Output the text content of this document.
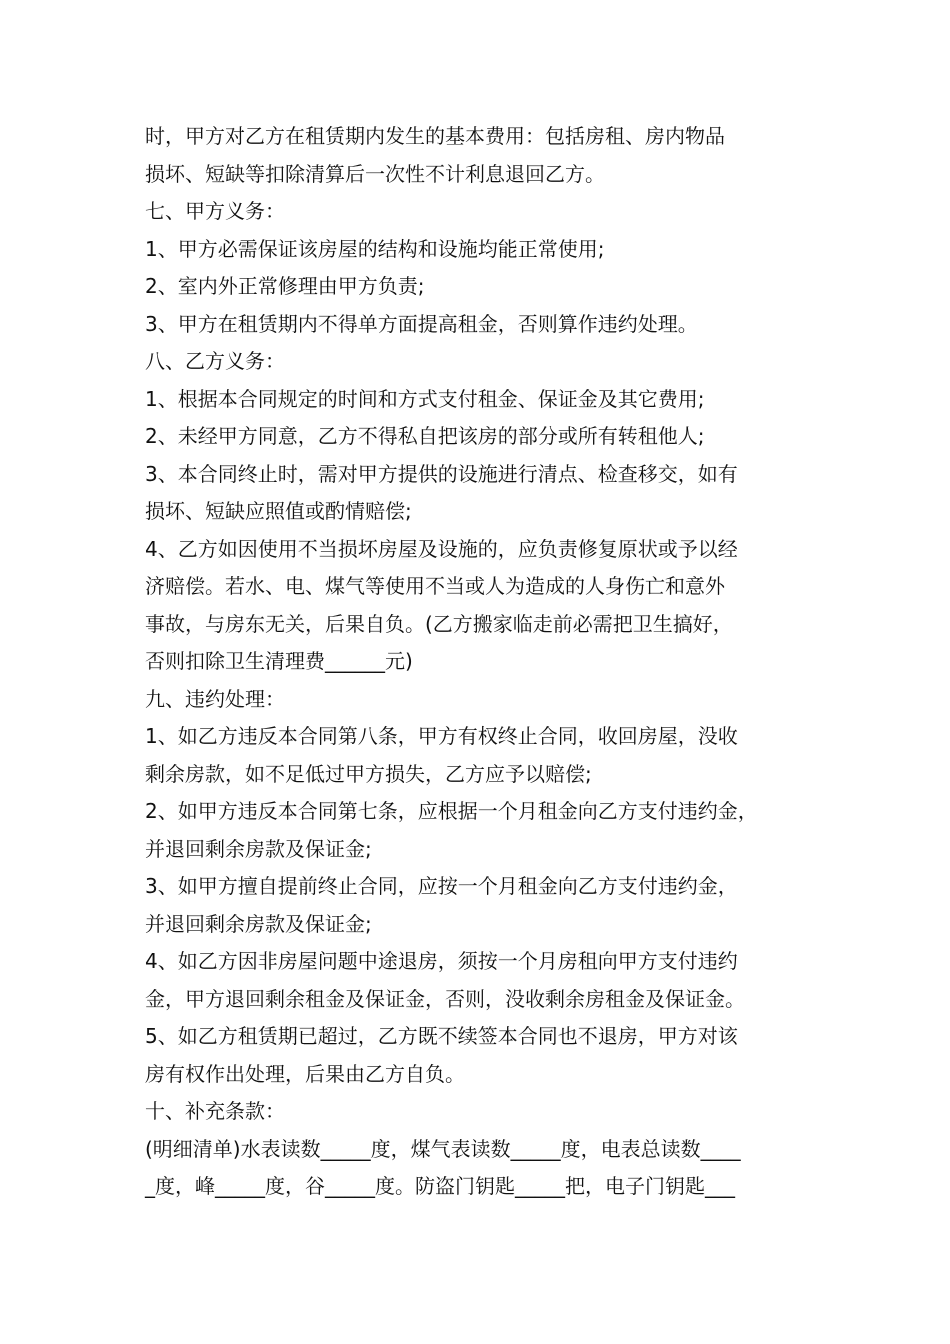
时，甲方对乙方在租赁期内发生的基本费用：包括房租、房内物品
损坏、短缺等扣除清算后一次性不计利息退回乙方。
七、甲方义务：
1、甲方必需保证该房屋的结构和设施均能正常使用;
2、室内外正常修理由甲方负责;
3、甲方在租赁期内不得单方面提高租金，否则算作违约处理。
八、乙方义务：
1、根据本合同规定的时间和方式支付租金、保证金及其它费用;
2、未经甲方同意，乙方不得私自把该房的部分或所有转租他人;
3、本合同终止时，需对甲方提供的设施进行清点、检查移交，如有
损坏、短缺应照值或酌情赔偿;
4、乙方如因使用不当损坏房屋及设施的，应负责修复原状或予以经
济赔偿。若水、电、煤气等使用不当或人为造成的人身伤亡和意外
事故，与房东无关，后果自负。(乙方搬家临走前必需把卫生搞好，
否则扣除卫生清理费______元)
九、违约处理：
1、如乙方违反本合同第八条，甲方有权终止合同，收回房屋，没收
剩余房款，如不足低过甲方损失，乙方应予以赔偿;
2、如甲方违反本合同第七条，应根据一个月租金向乙方支付违约金，
并退回剩余房款及保证金;
3、如甲方擅自提前终止合同，应按一个月租金向乙方支付违约金，
并退回剩余房款及保证金;
4、如乙方因非房屋问题中途退房，须按一个月房租向甲方支付违约
金，甲方退回剩余租金及保证金，否则，没收剩余房租金及保证金。
5、如乙方租赁期已超过，乙方既不续签本合同也不退房，甲方对该
房有权作出处理，后果由乙方自负。
十、补充条款：
(明细清单)水表读数_____度，煤气表读数_____度，电表总读数____
_度，峰_____度，谷_____度。防盗门钥匙_____把，电子门钥匙___
